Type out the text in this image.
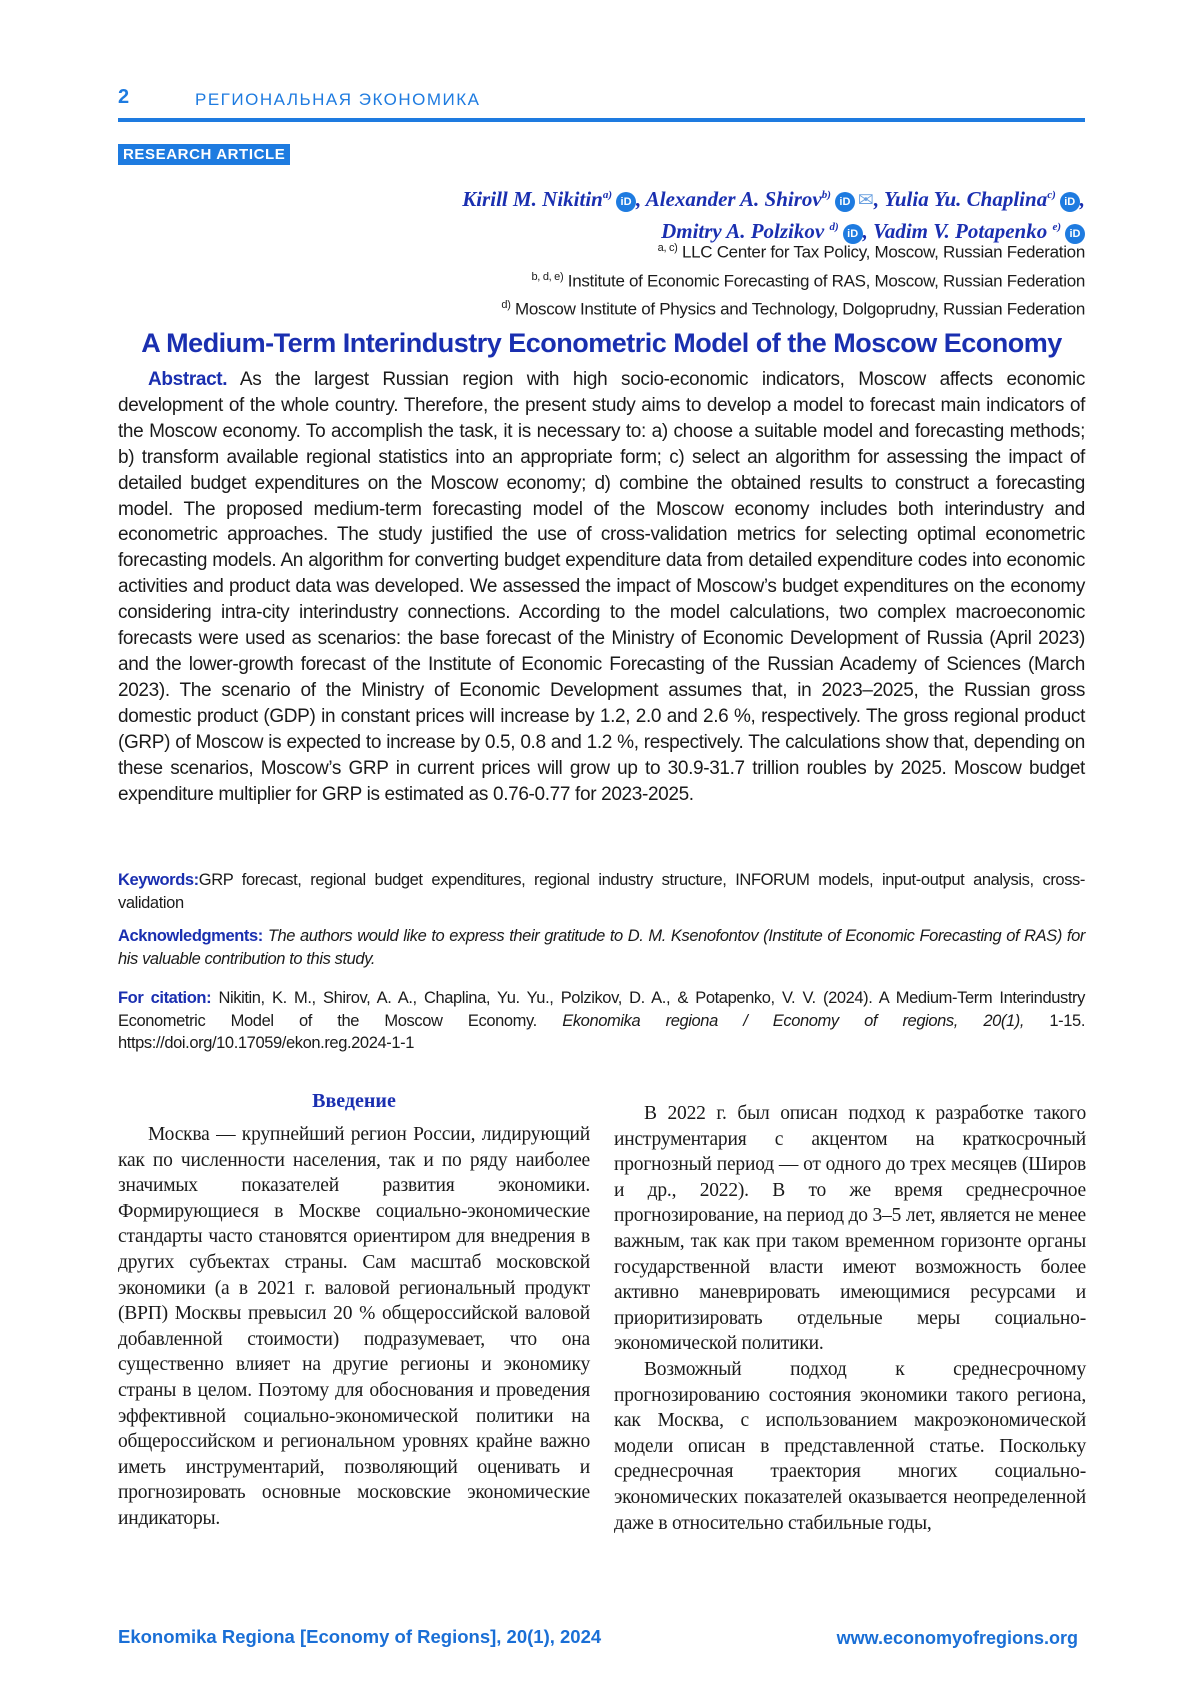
2	РЕГИОНАЛЬНАЯ ЭКОНОМИКА
RESEARCH ARTICLE
Kirill M. Nikitin$^{a)}$iD , Alexander A. Shirov$^{b)}$iD ✉, Yulia Yu. Chaplina$^{c)}$iD ,
Dmitry A. Polzikov $^{d)}$iD , Vadim V. Potapenko $^{e)}$iD
$^{a, c)}$ LLC Center for Tax Policy, Moscow, Russian Federation
$^{b, d, e)}$ Institute of Economic Forecasting of RAS, Moscow, Russian Federation
$^{d)}$ Moscow Institute of Physics and Technology, Dolgoprudny, Russian Federation
A Medium-Term Interindustry Econometric Model of the Moscow Economy
Abstract. As the largest Russian region with high socio-economic indicators, Moscow affects economic development of the whole country. Therefore, the present study aims to develop a model to forecast main indicators of the Moscow economy. To accomplish the task, it is necessary to: a) choose a suitable model and forecasting methods; b) transform available regional statistics into an appropriate form; c) select an algorithm for assessing the impact of detailed budget expenditures on the Moscow economy; d) combine the obtained results to construct a forecasting model. The proposed medium-term forecasting model of the Moscow economy includes both interindustry and econometric approaches. The study justified the use of cross-validation metrics for selecting optimal econometric forecasting models. An algorithm for converting budget expenditure data from detailed expenditure codes into economic activities and product data was developed. We assessed the impact of Moscow’s budget expenditures on the economy considering intra-city interindustry connections. According to the model calculations, two complex macroeconomic forecasts were used as scenarios: the base forecast of the Ministry of Economic Development of Russia (April 2023) and the lower-growth forecast of the Institute of Economic Forecasting of the Russian Academy of Sciences (March 2023). The scenario of the Ministry of Economic Development assumes that, in 2023–2025, the Russian gross domestic product (GDP) in constant prices will increase by 1.2, 2.0 and 2.6 %, respectively. The gross regional product (GRP) of Moscow is expected to increase by 0.5, 0.8 and 1.2 %, respectively. The calculations show that, depending on these scenarios, Moscow’s GRP in current prices will grow up to 30.9-31.7 trillion roubles by 2025. Moscow budget expenditure multiplier for GRP is estimated as 0.76-0.77 for 2023-2025.
Keywords:GRP forecast, regional budget expenditures, regional industry structure, INFORUM models, input-output analysis, cross-validation
Acknowledgments: The authors would like to express their gratitude to D. M. Ksenofontov (Institute of Economic Forecasting of RAS) for his valuable contribution to this study.
For citation: Nikitin, K. M., Shirov, A. A., Chaplina, Yu. Yu., Polzikov, D. A., & Potapenko, V. V. (2024). A Medium-Term Interindustry Econometric Model of the Moscow Economy. Ekonomika regiona / Economy of regions, 20(1), 1-15. https://doi.org/10.17059/ekon.reg.2024-1-1
Введение

Москва — крупнейший регион России, лидирующий как по численности населения, так и по ряду наиболее значимых показателей развития экономики. Формирующиеся в Москве социально-экономические стандарты часто становятся ориентиром для внедрения в других субъектах страны. Сам масштаб московской экономики (а в 2021 г. валовой региональный продукт (ВРП) Москвы превысил 20 % общероссийской валовой добавленной стоимости) подразумевает, что она существенно влияет на другие регионы и экономику страны в целом. Поэтому для обоснования и проведения эффективной социально-экономической политики на общероссийском и региональном уровнях крайне важно иметь инструментарий, позволяющий оценивать и прогнозировать основные московские экономические индикаторы.

В 2022 г. был описан подход к разработке такого инструментария с акцентом на краткосрочный прогнозный период — от одного до трех месяцев (Широв и др., 2022). В то же время среднесрочное прогнозирование, на период до 3–5 лет, является не менее важным, так как при таком временном горизонте органы государственной власти имеют возможность более активно маневрировать имеющимися ресурсами и приоритизировать отдельные меры социально-экономической политики.

Возможный подход к среднесрочному прогнозированию состояния экономики такого региона, как Москва, с использованием макроэкономической модели описан в представленной статье. Поскольку среднесрочная траектория многих социально-экономических показателей оказывается неопределенной даже в относительно стабильные годы,

Ekonomika Regiona [Economy of Regions], 20(1), 2024	www.economyofregions.org
